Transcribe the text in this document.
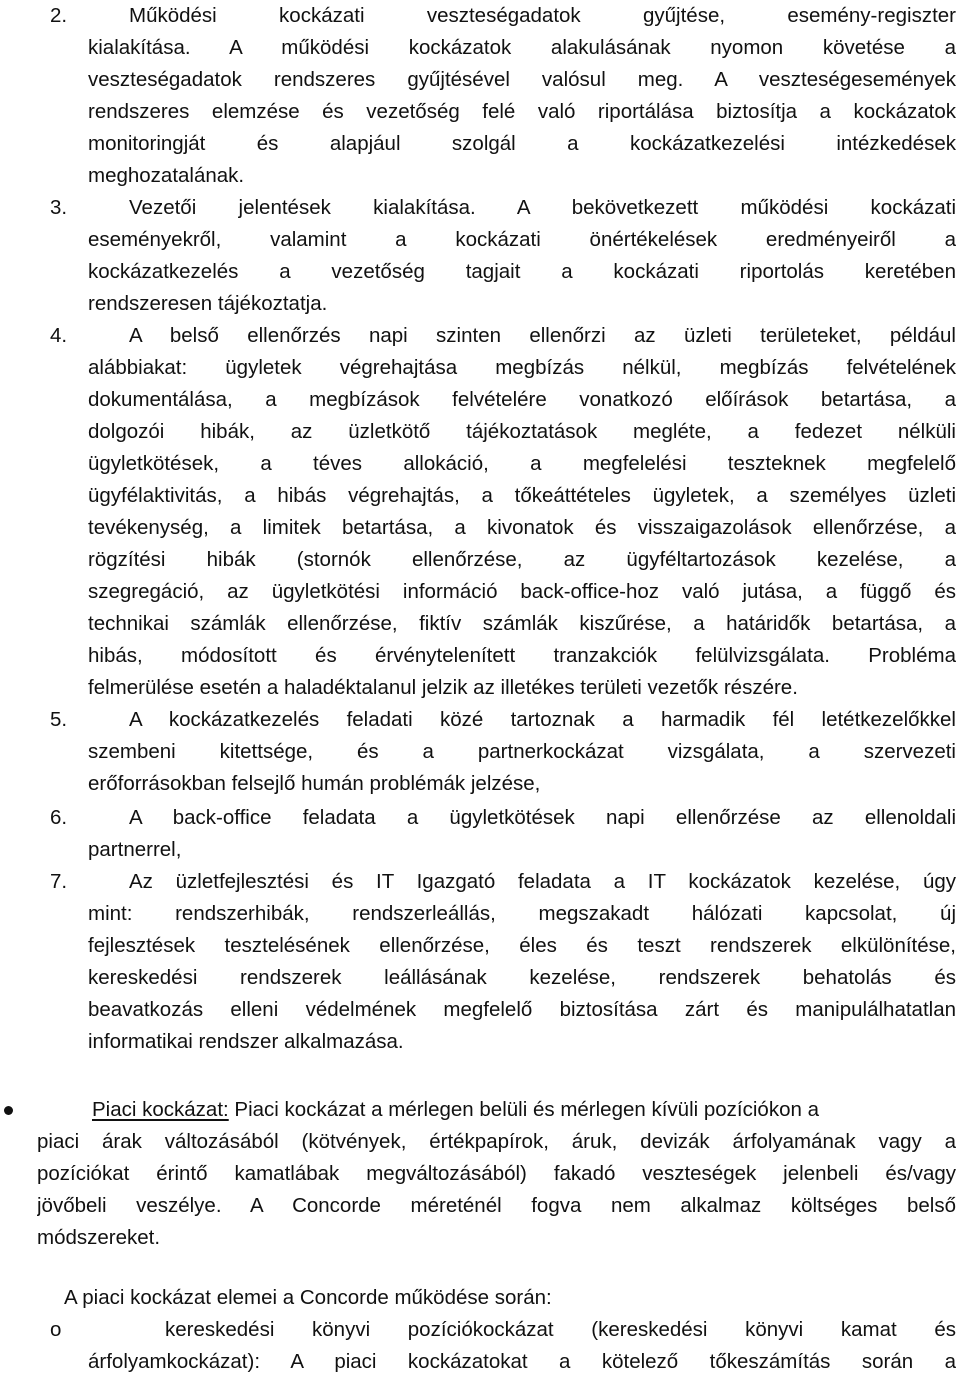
2.	Működési kockázati veszteségadatok gyűjtése, esemény-regiszter
kialakítása. A működési kockázatok alakulásának nyomon követése a
veszteségadatok rendszeres gyűjtésével valósul meg. A veszteségesemények
rendszeres elemzése és vezetőség felé való riportálása biztosítja a kockázatok
monitoringját és alapjául szolgál a kockázatkezelési intézkedések
meghozatalának.
3.	Vezetői jelentések kialakítása. A bekövetkezett működési kockázati
eseményekről, valamint a kockázati önértékelések eredményeiről a
kockázatkezelés a vezetőség tagjait a kockázati riportolás keretében
rendszeresen tájékoztatja.
4.	A belső ellenőrzés napi szinten ellenőrzi az üzleti területeket, például
alábbiakat: ügyletek végrehajtása megbízás nélkül, megbízás felvételének
dokumentálása, a megbízások felvételére vonatkozó előírások betartása, a
dolgozói hibák, az üzletkötő tájékoztatások megléte, a fedezet nélküli
ügyletkötések, a téves allokáció, a megfelelési teszteknek megfelelő
ügyfélaktivitás, a hibás végrehajtás, a tőkeáttételes ügyletek, a személyes üzleti
tevékenység, a limitek betartása, a kivonatok és visszaigazolások ellenőrzése, a
rögzítési hibák (stornók ellenőrzése, az ügyféltartozások kezelése, a
szegregáció, az ügyletkötési információ back-office-hoz való jutása, a függő és
technikai számlák ellenőrzése, fiktív számlák kiszűrése, a határidők betartása, a
hibás, módosított és érvénytelenített tranzakciók felülvizsgálata. Probléma
felmerülése esetén a haladéktalanul jelzik az illetékes területi vezetők részére.
5.	A kockázatkezelés feladati közé tartoznak a harmadik fél letétkezelőkkel
szembeni kitettsége, és a partnerkockázat vizsgálata, a szervezeti
erőforrásokban felsejlő humán problémák jelzése,
6.	A back-office feladata a ügyletkötések napi ellenőrzése az ellenoldali
partnerrel,
7.	Az üzletfejlesztési és IT Igazgató feladata a IT kockázatok kezelése, úgy
mint: rendszerhibák, rendszerleállás, megszakadt hálózati kapcsolat, új
fejlesztések tesztelésének ellenőrzése, éles és teszt rendszerek elkülönítése,
kereskedési rendszerek leállásának kezelése, rendszerek behatolás és
beavatkozás elleni védelmének megfelelő biztosítása zárt és manipulálhatatlan
informatikai rendszer alkalmazása.
Piaci kockázat: Piaci kockázat a mérlegen belüli és mérlegen kívüli pozíciókon a
piaci árak változásából (kötvények, értékpapírok, áruk, devizák árfolyamának vagy a
pozíciókat érintő kamatlábak megváltozásából) fakadó veszteségek jelenbeli és/vagy
jövőbeli veszélye. A Concorde méreténél fogva nem alkalmaz költséges belső
módszereket.
A piaci kockázat elemei a Concorde működése során:
o	kereskedési könyvi pozíciókockázat (kereskedési könyvi kamat és
árfolyamkockázat): A piaci kockázatokat a kötelező tőkeszámítás során a
